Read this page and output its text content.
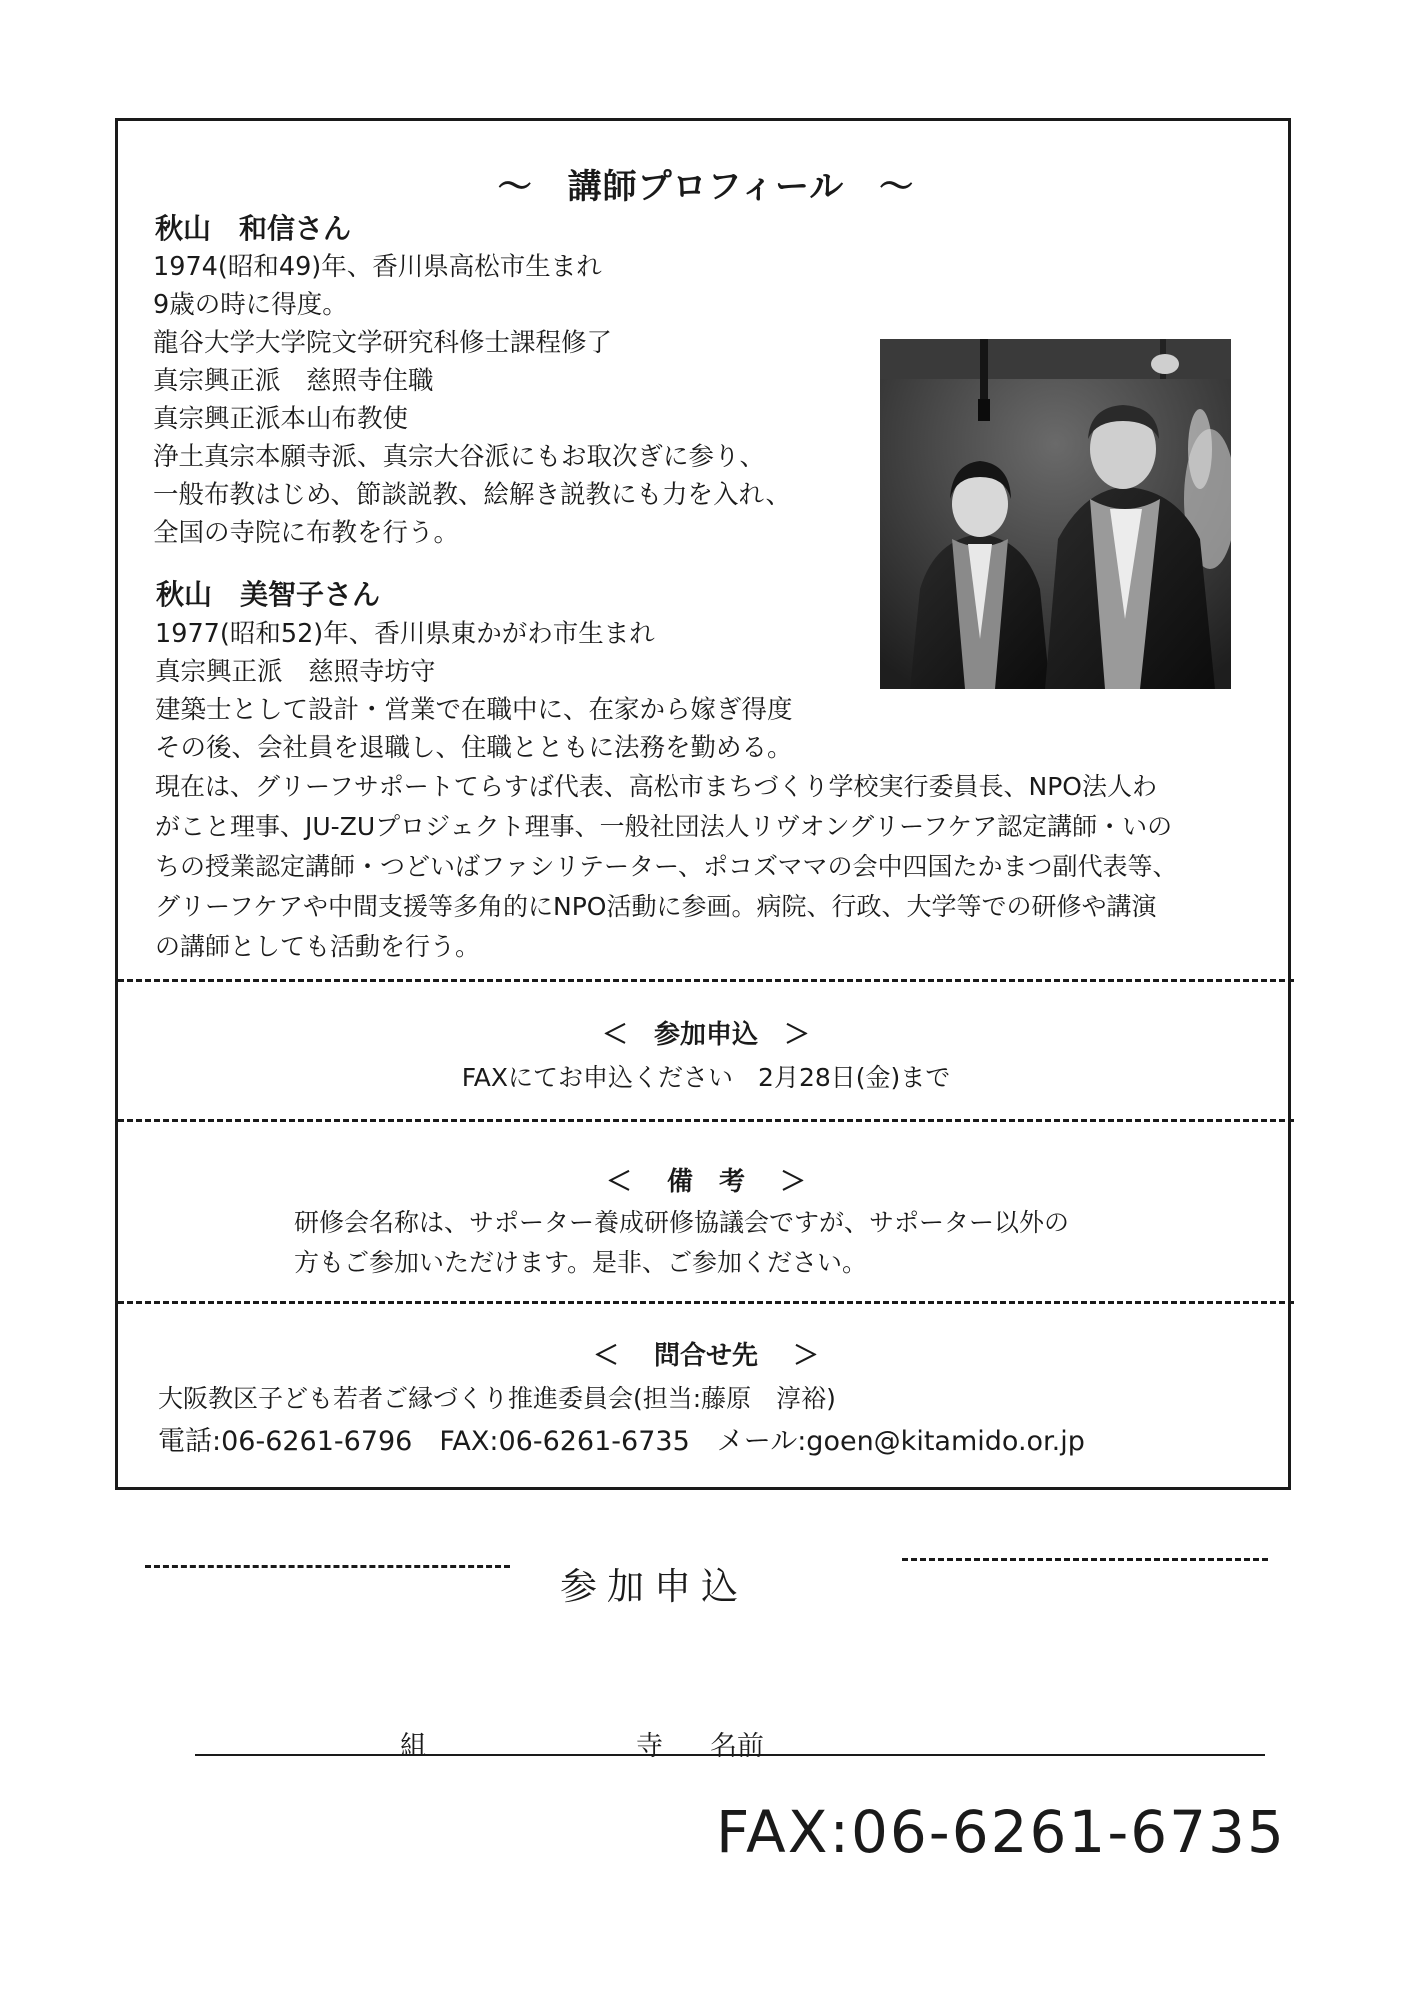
～　講師プロフィール　～
秋山　和信さん
1974(昭和49)年、香川県高松市生まれ
9歳の時に得度。
龍谷大学大学院文学研究科修士課程修了
真宗興正派　慈照寺住職
真宗興正派本山布教使
浄土真宗本願寺派、真宗大谷派にもお取次ぎに参り、
一般布教はじめ、節談説教、絵解き説教にも力を入れ、
全国の寺院に布教を行う。
秋山　美智子さん
1977(昭和52)年、香川県東かがわ市生まれ
真宗興正派　慈照寺坊守
建築士として設計・営業で在職中に、在家から嫁ぎ得度
その後、会社員を退職し、住職とともに法務を勤める。
現在は、グリーフサポートてらすば代表、高松市まちづくり学校実行委員長、NPO法人わ
がこと理事、JU-ZUプロジェクト理事、一般社団法人リヴオングリーフケア認定講師・いの
ちの授業認定講師・つどいばファシリテーター、ポコズママの会中四国たかまつ副代表等、
グリーフケアや中間支援等多角的にNPO活動に参画。病院、行政、大学等での研修や講演
の講師としても活動を行う。
＜　参加申込　＞
FAXにてお申込ください　2月28日(金)まで
＜　 備　考　 ＞
研修会名称は、サポーター養成研修協議会ですが、サポーター以外の
方もご参加いただけます。是非、ご参加ください。
＜　 問合せ先　 ＞
大阪教区子ども若者ご縁づくり推進委員会(担当:藤原　淳裕)
電話:06-6261-6796　FAX:06-6261-6735　メール:goen@kitamido.or.jp
参加申込
組	寺 名前
FAX:06-6261-6735
